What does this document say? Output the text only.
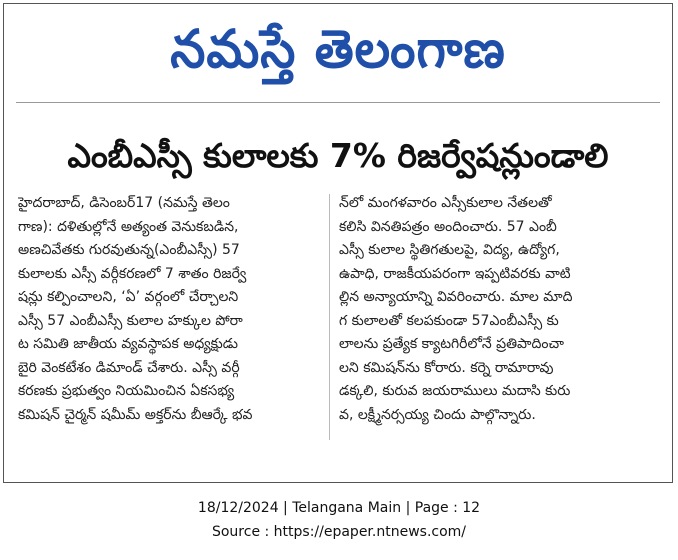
నమస్తే తెలంగాణ
ఎంబీఎస్సీ కులాలకు 7% రిజర్వేషన్లుండాలి
హైదరాబాద్, డిసెంబర్17 (నమస్తే తెలం
గాణ): దళితుల్లోనే అత్యంత వెనుకబడిన,
అణచివేతకు గురవుతున్న(ఎంబీఎస్సీ) 57
కులాలకు ఎస్సీ వర్గీకరణలో 7 శాతం రిజర్వే
షన్లు కల్పించాలని, ‘ఏ’ వర్గంలో చేర్చాలని
ఎస్సీ 57 ఎంబీఎస్సీ కులాల హక్కుల పోరా
ట సమితి జాతీయ వ్యవస్థాపక అధ్యక్షుడు
బైరి వెంకటేశం డిమాండ్ చేశారు. ఎస్సీ వర్గీ
కరణకు ప్రభుత్వం నియమించిన ఏకసభ్య
కమిషన్ చైర్మన్ షమీమ్ అక్తర్‌ను బీఆర్కే భవ
న్‌లో మంగళవారం ఎస్సీకులాల నేతలతో
కలిసి వినతిపత్రం అందించారు. 57 ఎంబీ
ఎస్సీ కులాల స్థితిగతులపై, విద్య, ఉద్యోగ,
ఉపాధి, రాజకీయపరంగా ఇప్పటివరకు వాటి
ల్లిన అన్యాయాన్ని వివరించారు. మాల మాది
గ కులాలతో కలపకుండా 57ఎంబీఎస్సీ కు
లాలను ప్రత్యేక క్యాటగిరీలోనే ప్రతిపాదించా
లని కమిషన్‌ను కోరారు. కర్నె రామారావు
డక్కలి, కురువ జయరాములు మదాసి కురు
వ, లక్ష్మీనర్సయ్య చిందు పాల్గొన్నారు.
18/12/2024 | Telangana Main | Page : 12
Source : https://epaper.ntnews.com/
